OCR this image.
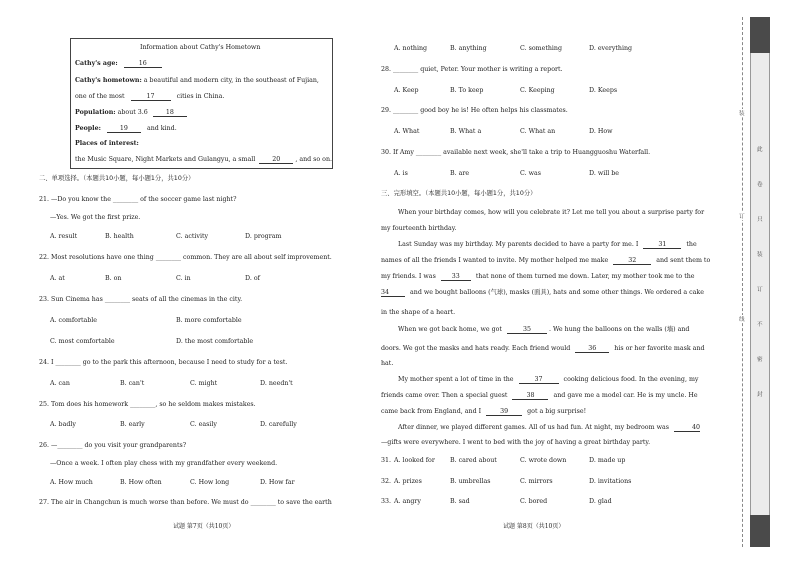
Information about Cathy's Hometown
Cathy's age:	16
Cathy's hometown: a beautiful and modern city, in the southeast of Fujian,
one of the most	17	cities in China.
Population: about 3.6	18
People:	19	and kind.
Places of interest:
the Music Square, Night Markets and Gulangyu, a small	20 , and so on.
二、单项选择。（本题共10小题，每小题1分，共10分）
21. —Do you know the ________ of the soccer game last night?
—Yes. We got the first prize.
A. result	B. health	C. activity	D. program
22. Most resolutions have one thing ________ common. They are all about self improvement.
A. at	B. on	C. in	D. of
23. Sun Cinema has ________ seats of all the cinemas in the city.
A. comfortable	B. more comfortable
C. most comfortable	D. the most comfortable
24. I ________ go to the park this afternoon, because I need to study for a test.
A. can	B. can't	C. might	D. needn't
25. Tom does his homework ________, so he seldom makes mistakes.
A. badly	B. early	C. easily	D. carefully
26. —________ do you visit your grandparents?
—Once a week. I often play chess with my grandfather every weekend.
A. How much	B. How often	C. How long	D. How far
27. The air in Changchun is much worse than before. We must do ________ to save the earth
试题 第7页（共10页）
A. nothing	B. anything	C. something	D. everything
28. ________ quiet, Peter. Your mother is writing a report.
A. Keep	B. To keep	C. Keeping	D. Keeps
29. ________ good boy he is! He often helps his classmates.
A. What	B. What a	C. What an	D. How
30. If Amy ________ available next week, she'll take a trip to Huangguoshu Waterfall.
A. is	B. are	C. was	D. will be
三、完形填空。（本题共10小题，每小题1分，共10分）
When your birthday comes, how will you celebrate it? Let me tell you about a surprise party for
my fourteenth birthday.
Last Sunday was my birthday. My parents decided to have a party for me. I	31	the
names of all the friends I wanted to invite. My mother helped me make	32	and sent them to
my friends. I was	33	that none of them turned me down. Later, my mother took me to the
34	and we bought balloons (气球), masks (面具), hats and some other things. We ordered a cake
in the shape of a heart.
When we got back home, we got	35	. We hung the balloons on the walls (墙) and
doors. We got the masks and hats ready. Each friend would	36	his or her favorite mask and
hat.
My mother spent a lot of time in the	37	cooking delicious food. In the evening, my
friends came over. Then a special guest	38	and gave me a model car. He is my uncle. He
came back from England, and I	39	got a big surprise!
After dinner, we played different games. All of us had fun. At night, my bedroom was	40
—gifts were everywhere. I went to bed with the joy of having a great birthday party.
31. A. looked for B. cared about	C. wrote down	D. made up
32. A. prizes	B. umbrellas	C. mirrors	D. invitations
33. A. angry	B. sad	C. bored	D. glad
试题 第8页（共10页）
装
订
线
此
卷
只
装
订
不
密
封
